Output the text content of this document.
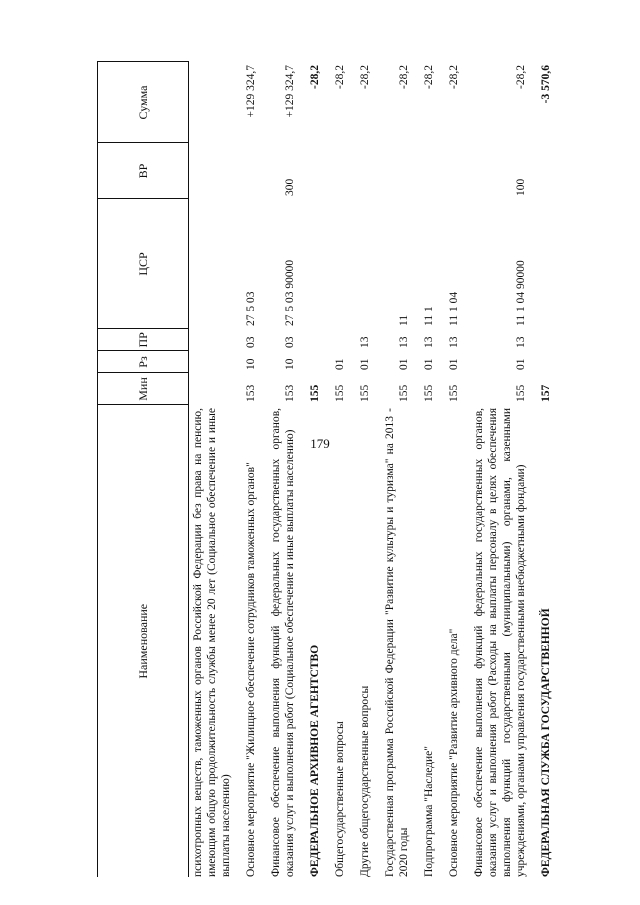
179
Наименование	Мин	Рз	ПР	ЦСР	ВР	Сумма
психотропных веществ, таможенных органов Российской Федерации без права на пенсию, имеющим общую продолжительность службы менее 20 лет (Социальное обеспечение и иные выплаты населению)						
Основное мероприятие "Жилищное обеспечение сотрудников таможенных органов"	153	10	03	27 5 03		+129 324,7
Финансовое обеспечение выполнения функций федеральных государственных органов, оказания услуг и выполнения работ (Социальное обеспечение и иные выплаты населению)	153	10	03	27 5 03 90000	300	+129 324,7
ФЕДЕРАЛЬНОЕ АРХИВНОЕ АГЕНТСТВО	155					-28,2
Общегосударственные вопросы	155	01				-28,2
Другие общегосударственные вопросы	155	01	13			-28,2
Государственная программа Российской Федерации "Развитие культуры и туризма" на 2013 - 2020 годы	155	01	13	11		-28,2
Подпрограмма "Наследие"	155	01	13	11 1		-28,2
Основное мероприятие "Развитие архивного дела"	155	01	13	11 1 04		-28,2
Финансовое обеспечение выполнения функций федеральных государственных органов, оказания услуг и выполнения работ (Расходы на выплаты персоналу в целях обеспечения выполнения функций государственными (муниципальными) органами, казенными учреждениями, органами управления государственными внебюджетными фондами)	155	01	13	11 1 04 90000	100	-28,2
ФЕДЕРАЛЬНАЯ СЛУЖБА ГОСУДАРСТВЕННОЙ	157					-3 570,6
